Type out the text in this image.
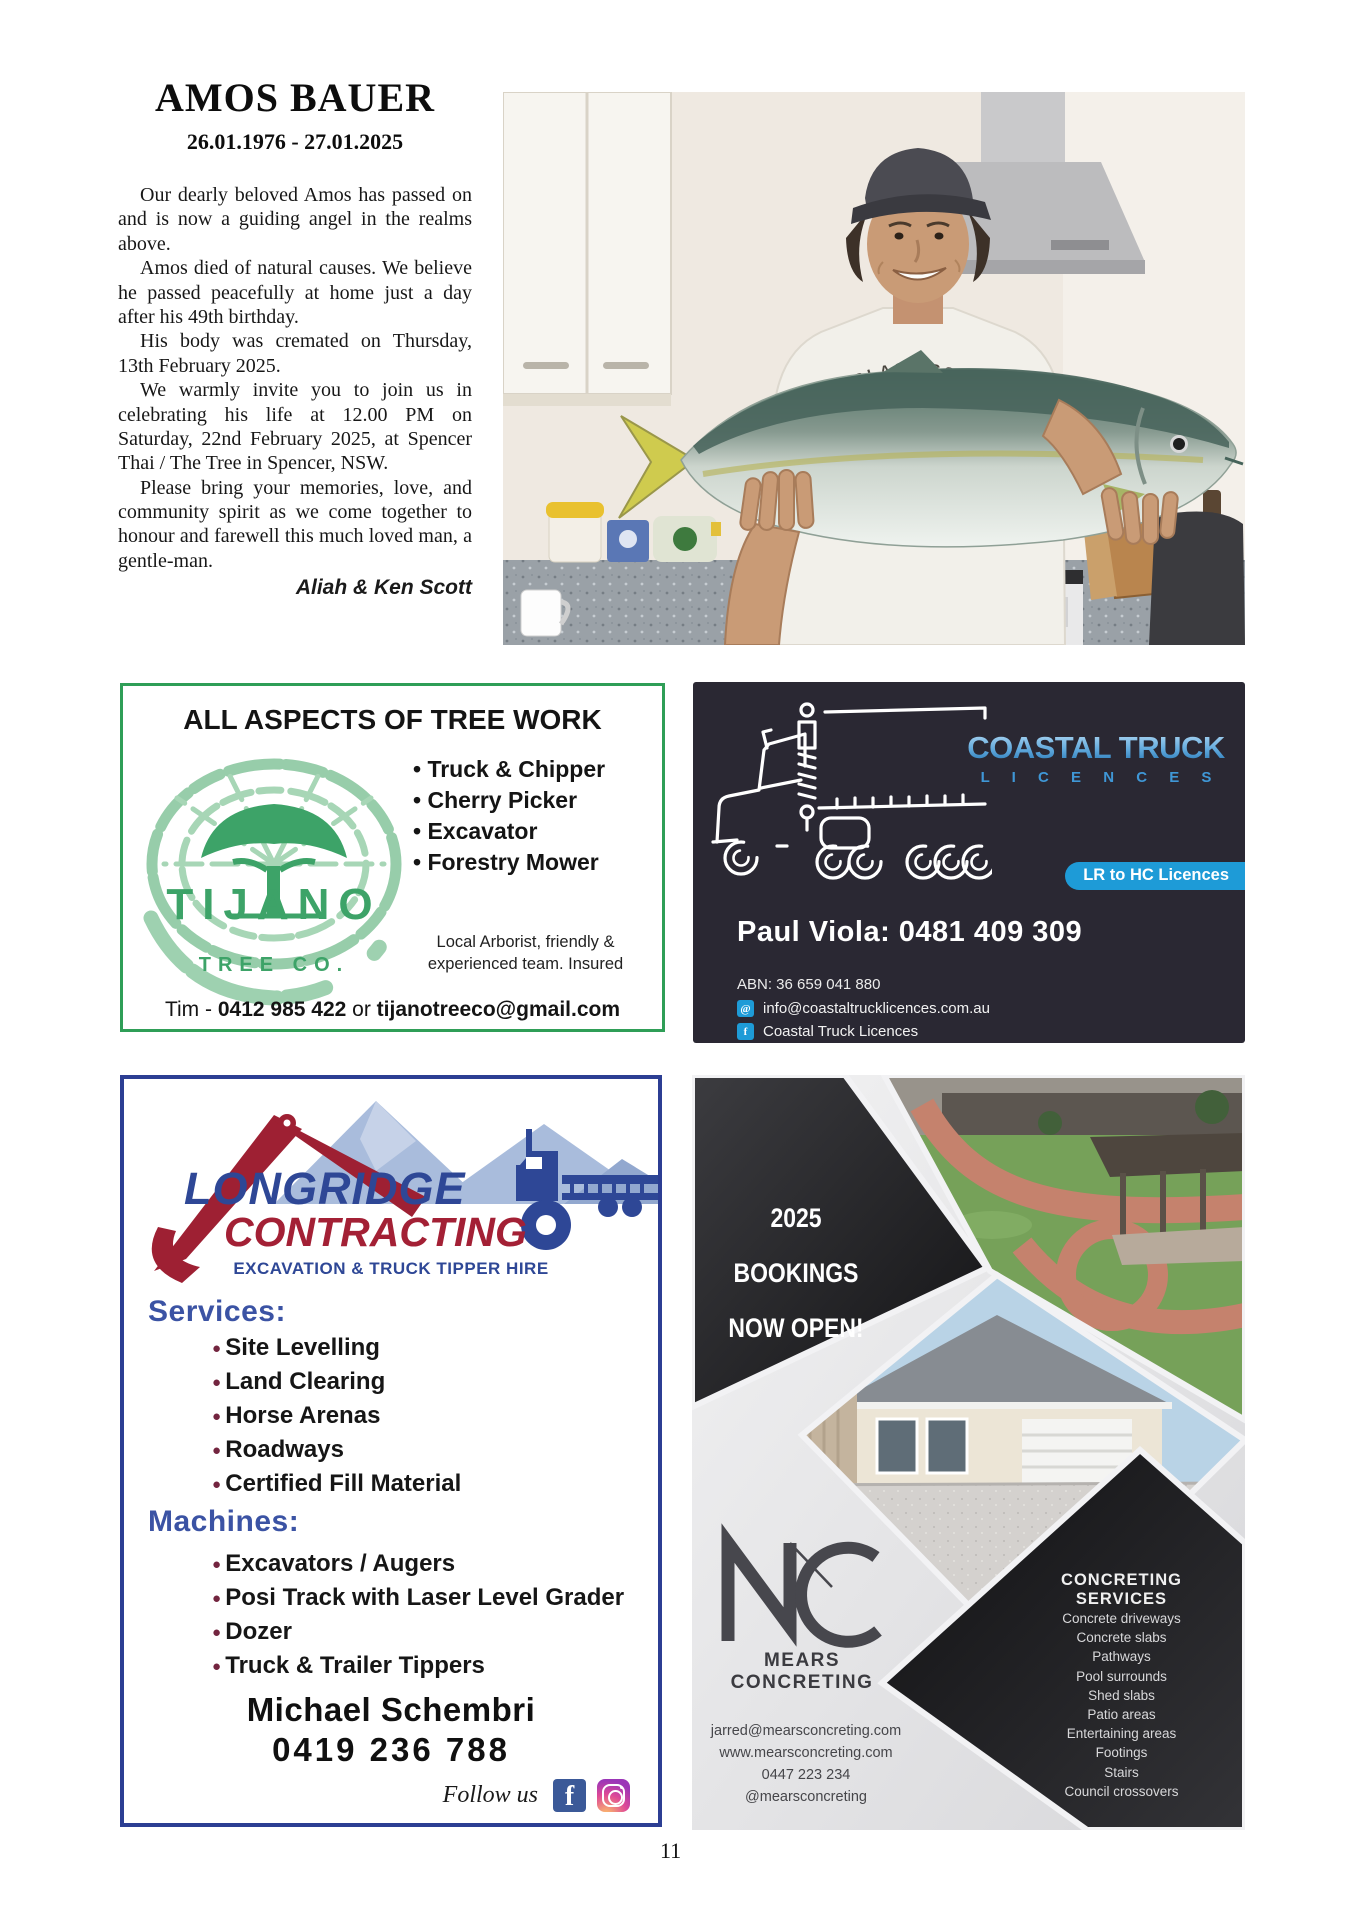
AMOS BAUER
26.01.1976 - 27.01.2025

Our dearly beloved Amos has passed on and is now a guiding angel in the realms above.

Amos died of natural causes. We believe he passed peacefully at home just a day after his 49th birthday.

His body was cremated on Thursday, 13th February 2025.

We warmly invite you to join us in celebrating his life at 12.00 PM on Saturday, 22nd February 2025, at Spencer Thai / The Tree in Spencer, NSW.

Please bring your memories, love, and community spirit as we come together to honour and farewell this much loved man, a gentle-man.

Aliah & Ken Scott
ALL ASPECTS OF TREE WORK
TIJANO
TREE CO.
• Truck & Chipper
• Cherry Picker
• Excavator
• Forestry Mower
Local Arborist, friendly &
experienced team. Insured
Tim - 0412 985 422 or tijanotreeco@gmail.com
COASTAL TRUCK
L I C E N C E S
LR to HC Licences
Paul Viola: 0481 409 309
ABN: 36 659 041 880
@ info@coastaltrucklicences.com.au
f	Coastal Truck Licences
LONGRIDGE
CONTRACTING
EXCAVATION & TRUCK TIPPER HIRE
Services:
● Site Levelling
● Land Clearing
● Horse Arenas
● Roadways
● Certified Fill Material
Machines:
● Excavators / Augers
● Posi Track with Laser Level Grader
● Dozer
● Truck & Trailer Tippers
Michael Schembri
0419 236 788
Follow us f
2025 BOOKINGS
NOW OPEN!
MEARS CONCRETING
jarred@mearsconcreting.com
www.mearsconcreting.com
0447 223 234
@mearsconcreting
CONCRETING SERVICES
Concrete driveways
Concrete slabs
Pathways
Pool surrounds
Shed slabs
Patio areas
Entertaining areas
Footings
Stairs
Council crossovers
11
